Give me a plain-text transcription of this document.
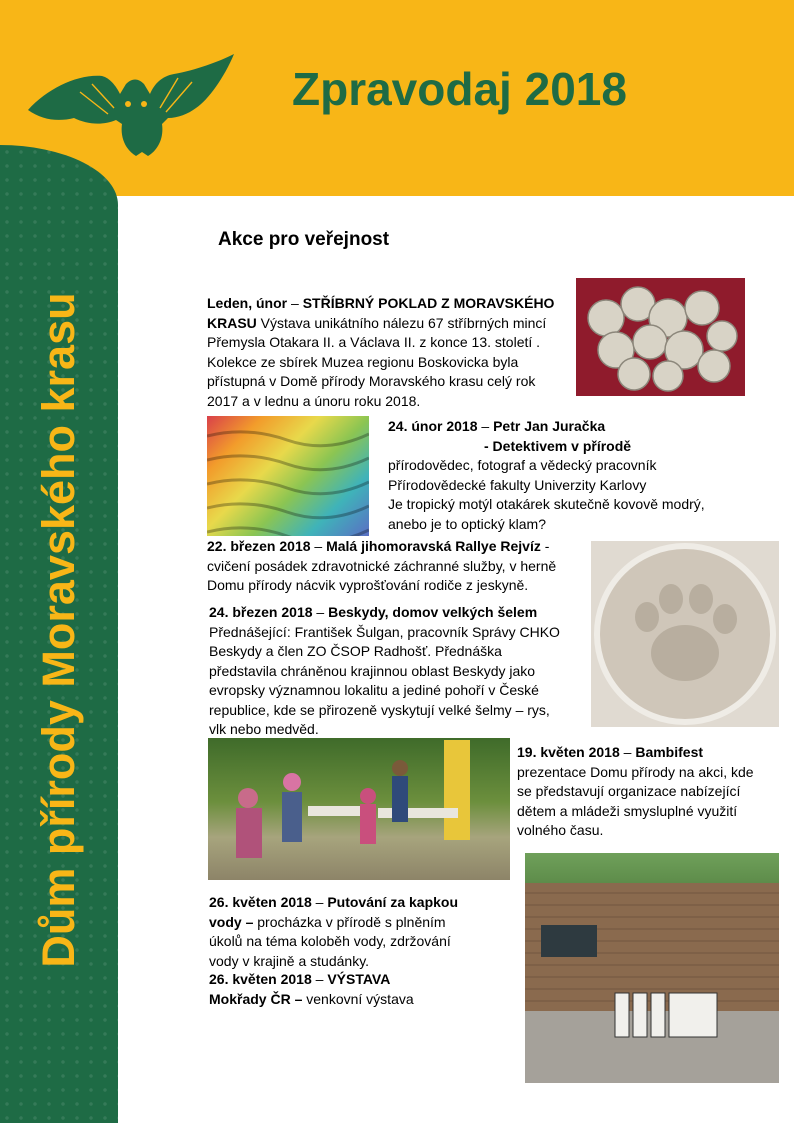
Zpravodaj 2018
Dům přírody Moravského krasu
Akce pro veřejnost
Leden, únor – STŘÍBRNÝ POKLAD Z MORAVSKÉHO
KRASU Výstava unikátního nálezu 67 stříbrných mincí
Přemysla Otakara II. a Václava II. z konce 13. století .
Kolekce ze sbírek Muzea regionu Boskovicka byla
přístupná v Domě přírody Moravského krasu celý rok
2017 a v lednu a únoru roku 2018.
24. únor 2018 – Petr Jan Juračka
- Detektivem v přírodě
přírodovědec, fotograf a vědecký pracovník
Přírodovědecké fakulty Univerzity Karlovy
Je tropický motýl otakárek skutečně kovově modrý,
anebo je to optický klam?
22. březen 2018 – Malá jihomoravská Rallye Rejvíz -
cvičení posádek zdravotnické záchranné služby, v herně
Domu přírody nácvik vyprošťování rodiče z jeskyně.
24. březen 2018 – Beskydy, domov velkých šelem
Přednášející: František Šulgan, pracovník Správy CHKO
Beskydy a člen ZO ČSOP Radhošť. Přednáška
představila chráněnou krajinnou oblast Beskydy jako
evropsky významnou lokalitu a jediné pohoří v České
republice, kde se přirozeně vyskytují velké šelmy – rys,
vlk nebo medvěd.
19. květen 2018 – Bambifest
prezentace Domu přírody na akci, kde
se představují organizace nabízející
dětem a mládeži smysluplné využití
volného času.
26. květen 2018 – Putování za kapkou
vody – procházka v přírodě s plněním
úkolů na téma koloběh vody, zdržování
vody v krajině a studánky.
26. květen 2018 – VÝSTAVA
Mokřady ČR – venkovní výstava
